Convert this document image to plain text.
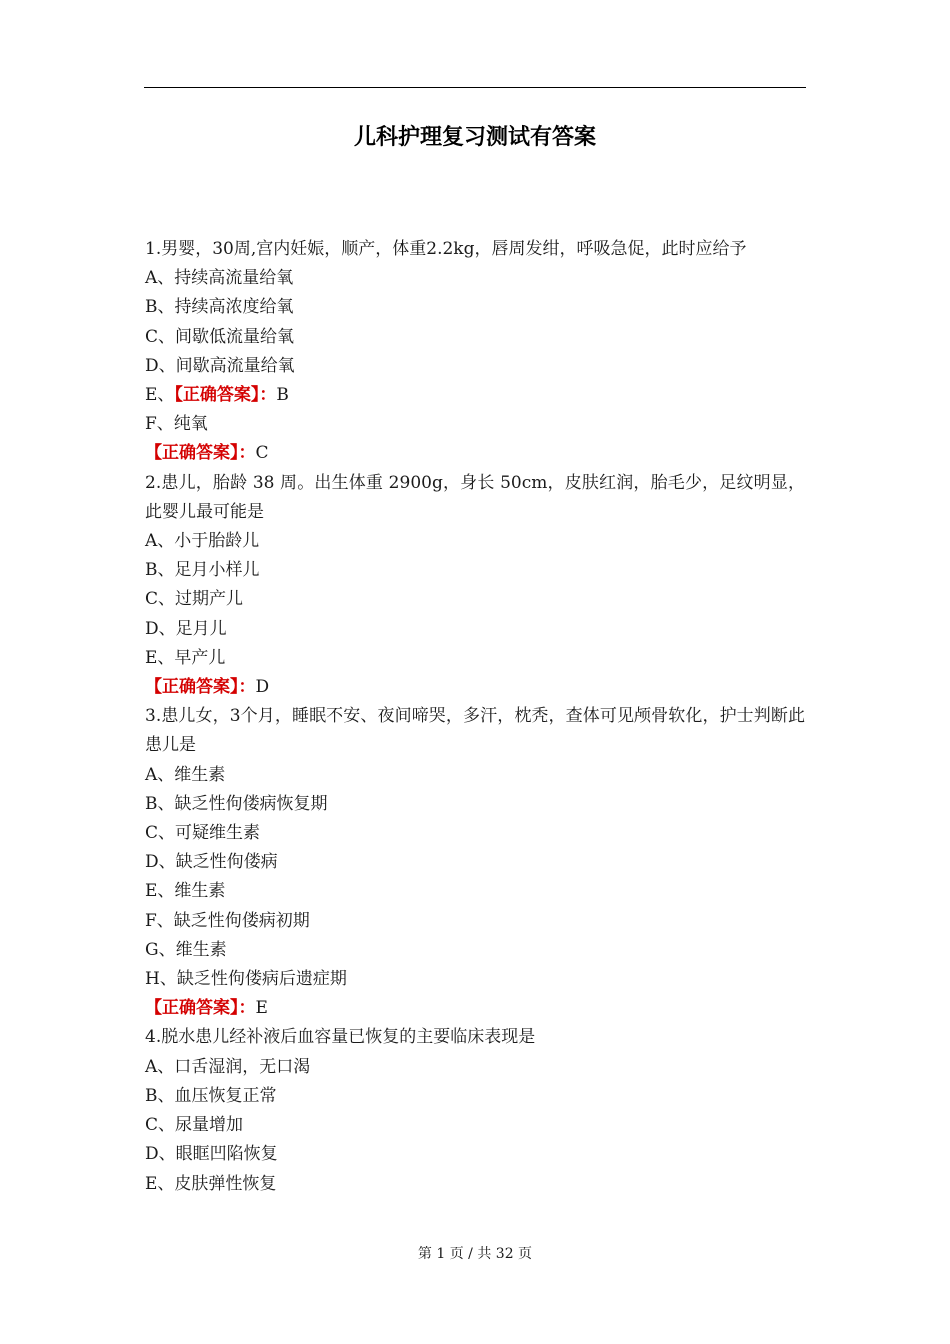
儿科护理复习测试有答案
1.男婴，30周,宫内妊娠，顺产，体重2.2kg，唇周发绀，呼吸急促，此时应给予
A、持续高流量给氧
B、持续高浓度给氧
C、间歇低流量给氧
D、间歇高流量给氧
E、【正确答案】：B
F、纯氧
【正确答案】：C
2.患儿，胎龄 38 周。出生体重 2900g，身长 50cm，皮肤红润，胎毛少，足纹明显，此婴儿最可能是
A、小于胎龄儿
B、足月小样儿
C、过期产儿
D、足月儿
E、早产儿
【正确答案】：D
3.患儿女，3个月，睡眠不安、夜间啼哭，多汗，枕秃，查体可见颅骨软化，护士判断此患儿是
A、维生素
B、缺乏性佝偻病恢复期
C、可疑维生素
D、缺乏性佝偻病
E、维生素
F、缺乏性佝偻病初期
G、维生素
H、缺乏性佝偻病后遗症期
【正确答案】：E
4.脱水患儿经补液后血容量已恢复的主要临床表现是
A、口舌湿润，无口渴
B、血压恢复正常
C、尿量增加
D、眼眶凹陷恢复
E、皮肤弹性恢复
第 1 页 / 共 32 页
